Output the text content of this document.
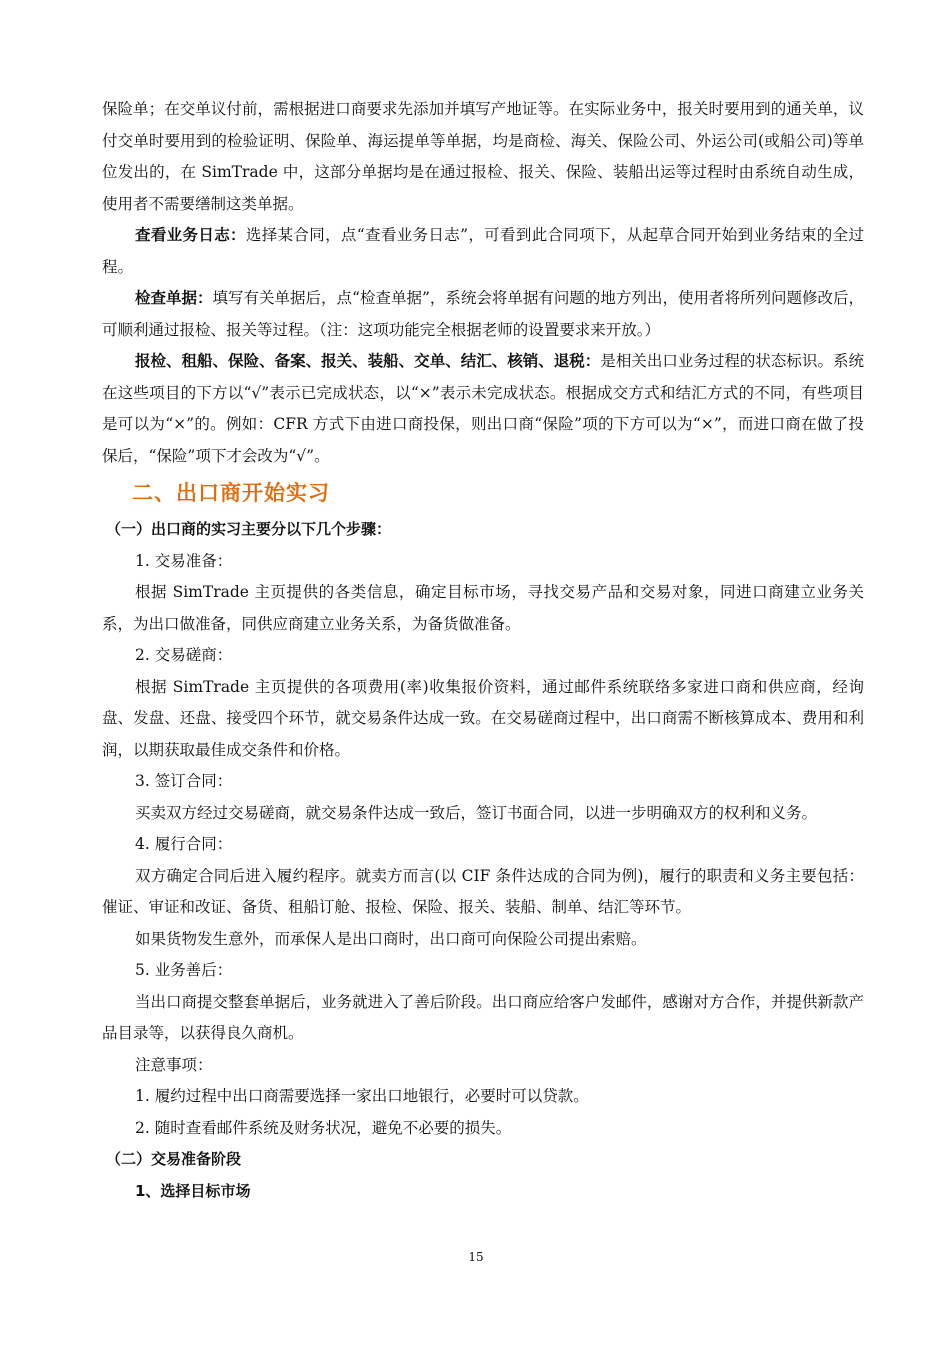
保险单；在交单议付前，需根据进口商要求先添加并填写产地证等。在实际业务中，报关时要用到的通关单，议付交单时要用到的检验证明、保险单、海运提单等单据，均是商检、海关、保险公司、外运公司(或船公司)等单位发出的，在 SimTrade 中，这部分单据均是在通过报检、报关、保险、装船出运等过程时由系统自动生成，使用者不需要缮制这类单据。

查看业务日志：选择某合同，点“查看业务日志”，可看到此合同项下，从起草合同开始到业务结束的全过程。

检查单据：填写有关单据后，点“检查单据”，系统会将单据有问题的地方列出，使用者将所列问题修改后，可顺利通过报检、报关等过程。（注：这项功能完全根据老师的设置要求来开放。）

报检、租船、保险、备案、报关、装船、交单、结汇、核销、退税：是相关出口业务过程的状态标识。系统在这些项目的下方以“√”表示已完成状态，以“×”表示未完成状态。根据成交方式和结汇方式的不同，有些项目是可以为“×”的。例如：CFR 方式下由进口商投保，则出口商“保险”项的下方可以为“×”，而进口商在做了投保后，“保险”项下才会改为“√”。

二、出口商开始实习
（一）出口商的实习主要分以下几个步骤：

1. 交易准备：

根据 SimTrade 主页提供的各类信息，确定目标市场，寻找交易产品和交易对象，同进口商建立业务关系，为出口做准备，同供应商建立业务关系，为备货做准备。

2. 交易磋商：

根据 SimTrade 主页提供的各项费用(率)收集报价资料，通过邮件系统联络多家进口商和供应商，经询盘、发盘、还盘、接受四个环节，就交易条件达成一致。在交易磋商过程中，出口商需不断核算成本、费用和利润，以期获取最佳成交条件和价格。

3. 签订合同：

买卖双方经过交易磋商，就交易条件达成一致后，签订书面合同，以进一步明确双方的权利和义务。

4. 履行合同：

双方确定合同后进入履约程序。就卖方而言(以 CIF 条件达成的合同为例)，履行的职责和义务主要包括：催证、审证和改证、备货、租船订舱、报检、保险、报关、装船、制单、结汇等环节。

如果货物发生意外，而承保人是出口商时，出口商可向保险公司提出索赔。

5. 业务善后：

当出口商提交整套单据后，业务就进入了善后阶段。出口商应给客户发邮件，感谢对方合作，并提供新款产品目录等，以获得良久商机。

注意事项：

1. 履约过程中出口商需要选择一家出口地银行，必要时可以贷款。

2. 随时查看邮件系统及财务状况，避免不必要的损失。

（二）交易准备阶段
1、选择目标市场
15
